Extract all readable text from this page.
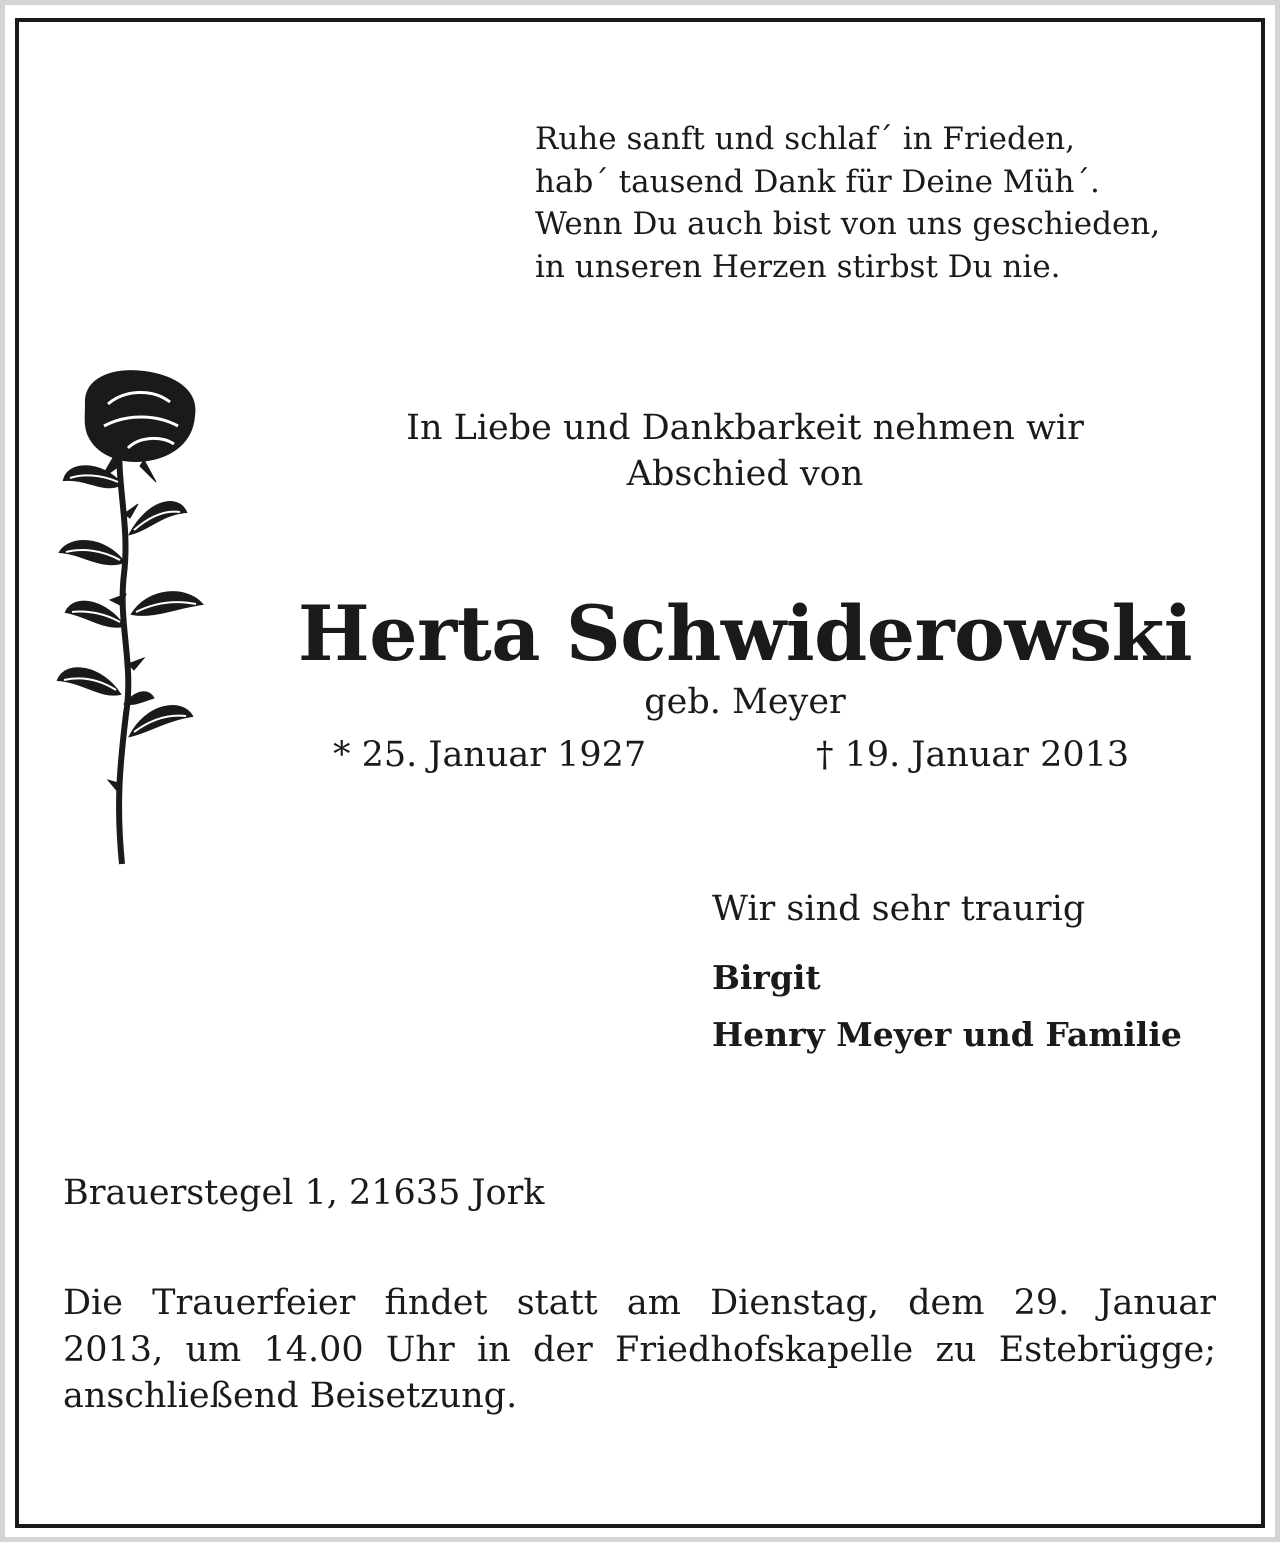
Ruhe sanft und schlaf´ in Frieden,
hab´ tausend Dank für Deine Müh´.
Wenn Du auch bist von uns geschieden,
in unseren Herzen stirbst Du nie.
In Liebe und Dankbarkeit nehmen wir
Abschied von
Herta Schwiderowski
geb. Meyer
* 25. Januar 1927	† 19. Januar 2013
Wir sind sehr traurig
Birgit
Henry Meyer und Familie
Brauerstegel 1, 21635 Jork
Die Trauerfeier findet statt am Dienstag, dem 29. Januar
2013, um 14.00 Uhr in der Friedhofskapelle zu Estebrügge;
anschließend Beisetzung.
